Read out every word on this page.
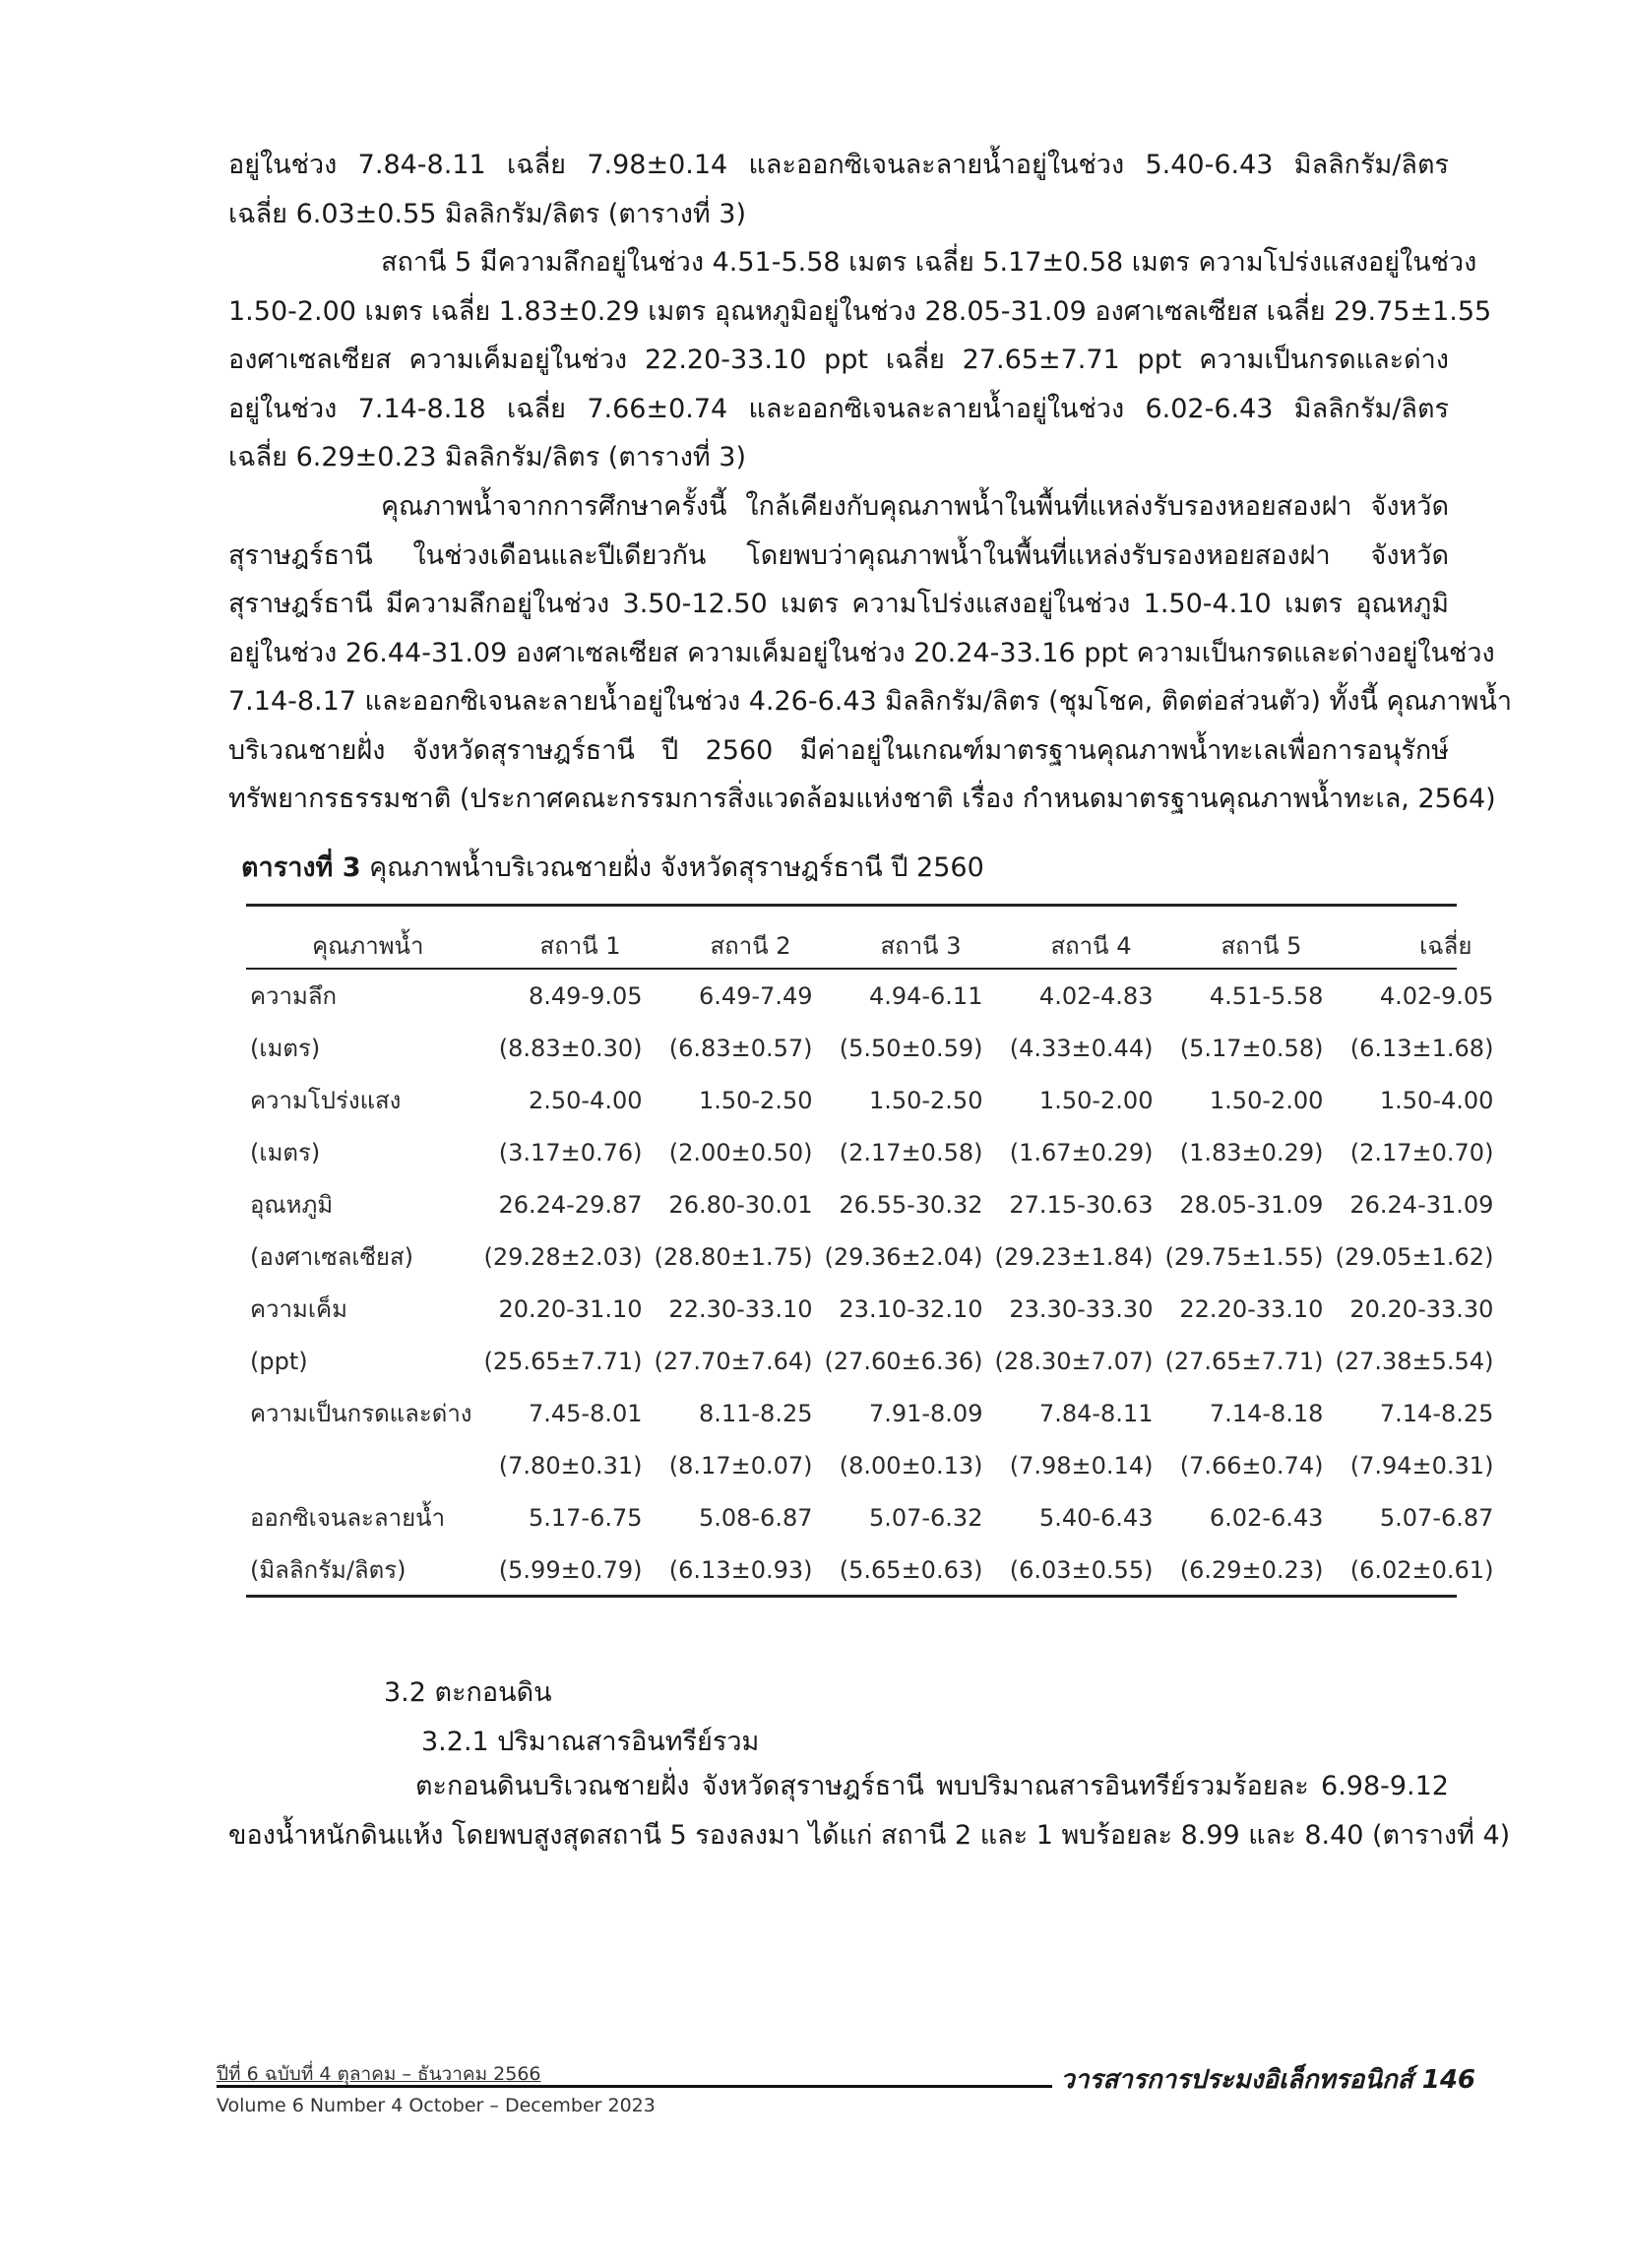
อยู่ในช่วง 7.84-8.11 เฉลี่ย 7.98±0.14 และออกซิเจนละลายน้ำอยู่ในช่วง 5.40-6.43 มิลลิกรัม/ลิตร
เฉลี่ย 6.03±0.55 มิลลิกรัม/ลิตร (ตารางที่ 3)
สถานี 5 มีความลึกอยู่ในช่วง 4.51-5.58 เมตร เฉลี่ย 5.17±0.58 เมตร ความโปร่งแสงอยู่ในช่วง
1.50-2.00 เมตร เฉลี่ย 1.83±0.29 เมตร อุณหภูมิอยู่ในช่วง 28.05-31.09 องศาเซลเซียส เฉลี่ย 29.75±1.55
องศาเซลเซียส ความเค็มอยู่ในช่วง 22.20-33.10 ppt เฉลี่ย 27.65±7.71 ppt ความเป็นกรดและด่าง
อยู่ในช่วง 7.14-8.18 เฉลี่ย 7.66±0.74 และออกซิเจนละลายน้ำอยู่ในช่วง 6.02-6.43 มิลลิกรัม/ลิตร
เฉลี่ย 6.29±0.23 มิลลิกรัม/ลิตร (ตารางที่ 3)
คุณภาพน้ำจากการศึกษาครั้งนี้ ใกล้เคียงกับคุณภาพน้ำในพื้นที่แหล่งรับรองหอยสองฝา จังหวัด
สุราษฎร์ธานี ในช่วงเดือนและปีเดียวกัน โดยพบว่าคุณภาพน้ำในพื้นที่แหล่งรับรองหอยสองฝา จังหวัด
สุราษฎร์ธานี มีความลึกอยู่ในช่วง 3.50-12.50 เมตร ความโปร่งแสงอยู่ในช่วง 1.50-4.10 เมตร อุณหภูมิ
อยู่ในช่วง 26.44-31.09 องศาเซลเซียส ความเค็มอยู่ในช่วง 20.24-33.16 ppt ความเป็นกรดและด่างอยู่ในช่วง
7.14-8.17 และออกซิเจนละลายน้ำอยู่ในช่วง 4.26-6.43 มิลลิกรัม/ลิตร (ชุมโชค, ติดต่อส่วนตัว) ทั้งนี้ คุณภาพน้ำ
บริเวณชายฝั่ง จังหวัดสุราษฎร์ธานี ปี 2560 มีค่าอยู่ในเกณฑ์มาตรฐานคุณภาพน้ำทะเลเพื่อการอนุรักษ์
ทรัพยากรธรรมชาติ (ประกาศคณะกรรมการสิ่งแวดล้อมแห่งชาติ เรื่อง กำหนดมาตรฐานคุณภาพน้ำทะเล, 2564)
ตารางที่ 3 คุณภาพน้ำบริเวณชายฝั่ง จังหวัดสุราษฎร์ธานี ปี 2560
คุณภาพน้ำ	สถานี 1	สถานี 2	สถานี 3	สถานี 4	สถานี 5	เฉลี่ย
ความลึก	8.49-9.05	6.49-7.49	4.94-6.11	4.02-4.83	4.51-5.58	4.02-9.05
(เมตร)	(8.83±0.30)	(6.83±0.57)	(5.50±0.59)	(4.33±0.44)	(5.17±0.58)	(6.13±1.68)
ความโปร่งแสง	2.50-4.00	1.50-2.50	1.50-2.50	1.50-2.00	1.50-2.00	1.50-4.00
(เมตร)	(3.17±0.76)	(2.00±0.50)	(2.17±0.58)	(1.67±0.29)	(1.83±0.29)	(2.17±0.70)
อุณหภูมิ	26.24-29.87	26.80-30.01	26.55-30.32	27.15-30.63	28.05-31.09	26.24-31.09
(องศาเซลเซียส)	(29.28±2.03)	(28.80±1.75)	(29.36±2.04)	(29.23±1.84)	(29.75±1.55)	(29.05±1.62)
ความเค็ม	20.20-31.10	22.30-33.10	23.10-32.10	23.30-33.30	22.20-33.10	20.20-33.30
(ppt)	(25.65±7.71)	(27.70±7.64)	(27.60±6.36)	(28.30±7.07)	(27.65±7.71)	(27.38±5.54)
ความเป็นกรดและด่าง	7.45-8.01	8.11-8.25	7.91-8.09	7.84-8.11	7.14-8.18	7.14-8.25
	(7.80±0.31)	(8.17±0.07)	(8.00±0.13)	(7.98±0.14)	(7.66±0.74)	(7.94±0.31)
ออกซิเจนละลายน้ำ	5.17-6.75	5.08-6.87	5.07-6.32	5.40-6.43	6.02-6.43	5.07-6.87
(มิลลิกรัม/ลิตร)	(5.99±0.79)	(6.13±0.93)	(5.65±0.63)	(6.03±0.55)	(6.29±0.23)	(6.02±0.61)
3.2 ตะกอนดิน
3.2.1 ปริมาณสารอินทรีย์รวม
ตะกอนดินบริเวณชายฝั่ง จังหวัดสุราษฎร์ธานี พบปริมาณสารอินทรีย์รวมร้อยละ 6.98-9.12
ของน้ำหนักดินแห้ง โดยพบสูงสุดสถานี 5 รองลงมา ได้แก่ สถานี 2 และ 1 พบร้อยละ 8.99 และ 8.40 (ตารางที่ 4)
ปีที่ 6 ฉบับที่ 4 ตุลาคม – ธันวาคม 2566
Volume 6 Number 4 October – December 2023
วารสารการประมงอิเล็กทรอนิกส์ 146
